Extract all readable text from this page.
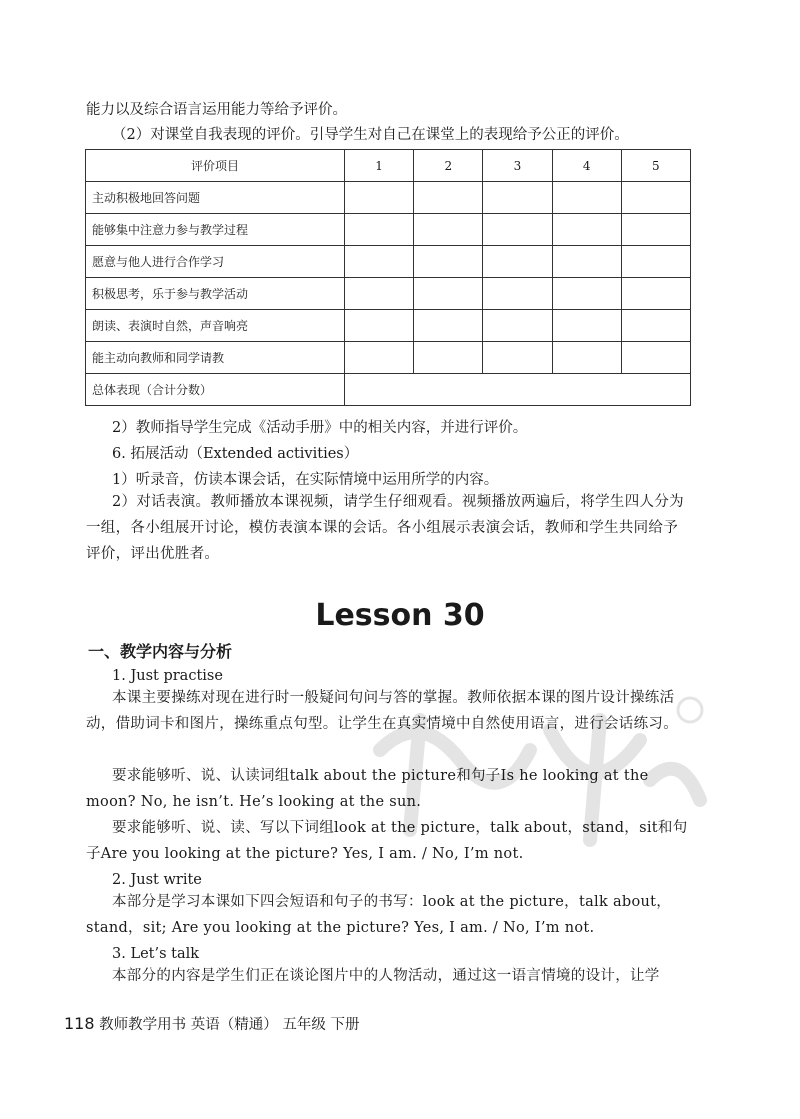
能力以及综合语言运用能力等给予评价。

（2）对课堂自我表现的评价。引导学生对自己在课堂上的表现给予公正的评价。

评价项目	1	2	3	4	5
主动积极地回答问题					
能够集中注意力参与教学过程					
愿意与他人进行合作学习					
积极思考，乐于参与教学活动					
朗读、表演时自然，声音响亮					
能主动向教师和同学请教					
总体表现（合计分数）					

2）教师指导学生完成《活动手册》中的相关内容，并进行评价。

6. 拓展活动（Extended activities）

1）听录音，仿读本课会话，在实际情境中运用所学的内容。

2）对话表演。教师播放本课视频，请学生仔细观看。视频播放两遍后，将学生四人分为一组，各小组展开讨论，模仿表演本课的会话。各小组展示表演会话，教师和学生共同给予评价，评出优胜者。

Lesson 30

一、教学内容与分析

1. Just practise

本课主要操练对现在进行时一般疑问句问与答的掌握。教师依据本课的图片设计操练活动，借助词卡和图片，操练重点句型。让学生在真实情境中自然使用语言，进行会话练习。

要求能够听、说、认读词组talk about the picture和句子Is he looking at the moon? No, he isn’t. He’s looking at the sun.

要求能够听、说、读、写以下词组look at the picture，talk about，stand，sit和句子Are you looking at the picture? Yes, I am. / No, I’m not.

2. Just write

本部分是学习本课如下四会短语和句子的书写：look at the picture，talk about，stand，sit; Are you looking at the picture? Yes, I am. / No, I’m not.

3. Let’s talk

本部分的内容是学生们正在谈论图片中的人物活动，通过这一语言情境的设计，让学

118 教师教学用书 英语（精通） 五年级 下册
